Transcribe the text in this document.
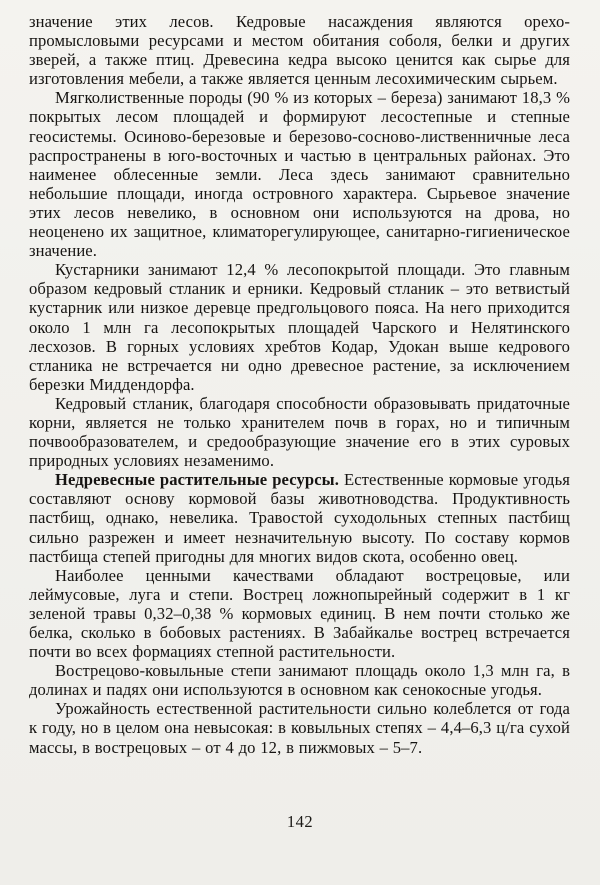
значение этих лесов. Кедровые насаждения являются орехо-промысловыми ресурсами и местом обитания соболя, белки и других зверей, а также птиц. Древесина кедра высоко ценится как сырье для изготовления мебели, а также является ценным лесохимическим сырьем.

Мягколиственные породы (90 % из которых – береза) занимают 18,3 % покрытых лесом площадей и формируют лесостепные и степные геосистемы. Осиново-березовые и березово-сосново-лиственничные леса распространены в юго-восточных и частью в центральных районах. Это наименее облесенные земли. Леса здесь занимают сравнительно небольшие площади, иногда островного характера. Сырьевое значение этих лесов невелико, в основном они используются на дрова, но неоценено их защитное, климаторегулирующее, санитарно-гигиеническое значение.

Кустарники занимают 12,4 % лесопокрытой площади. Это главным образом кедровый стланик и ерники. Кедровый стланик – это ветвистый кустарник или низкое деревце предгольцового пояса. На него приходится около 1 млн га лесопокрытых площадей Чарского и Нелятинского лесхозов. В горных условиях хребтов Кодар, Удокан выше кедрового стланика не встречается ни одно древесное растение, за исключением березки Миддендорфа.

Кедровый стланик, благодаря способности образовывать придаточные корни, является не только хранителем почв в горах, но и типичным почвообразователем, и средообразующие значение его в этих суровых природных условиях незаменимо.

Недревесные растительные ресурсы. Естественные кормовые угодья составляют основу кормовой базы животноводства. Продуктивность пастбищ, однако, невелика. Травостой суходольных степных пастбищ сильно разрежен и имеет незначительную высоту. По составу кормов пастбища степей пригодны для многих видов скота, особенно овец.

Наиболее ценными качествами обладают вострецовые, или леймусовые, луга и степи. Вострец ложнопырейный содержит в 1 кг зеленой травы 0,32–0,38 % кормовых единиц. В нем почти столько же белка, сколько в бобовых растениях. В Забайкалье вострец встречается почти во всех формациях степной растительности.

Вострецово-ковыльные степи занимают площадь около 1,3 млн га, в долинах и падях они используются в основном как сенокосные угодья.

Урожайность естественной растительности сильно колеблется от года к году, но в целом она невысокая: в ковыльных степях – 4,4–6,3 ц/га сухой массы, в вострецовых – от 4 до 12, в пижмовых – 5–7.

142
